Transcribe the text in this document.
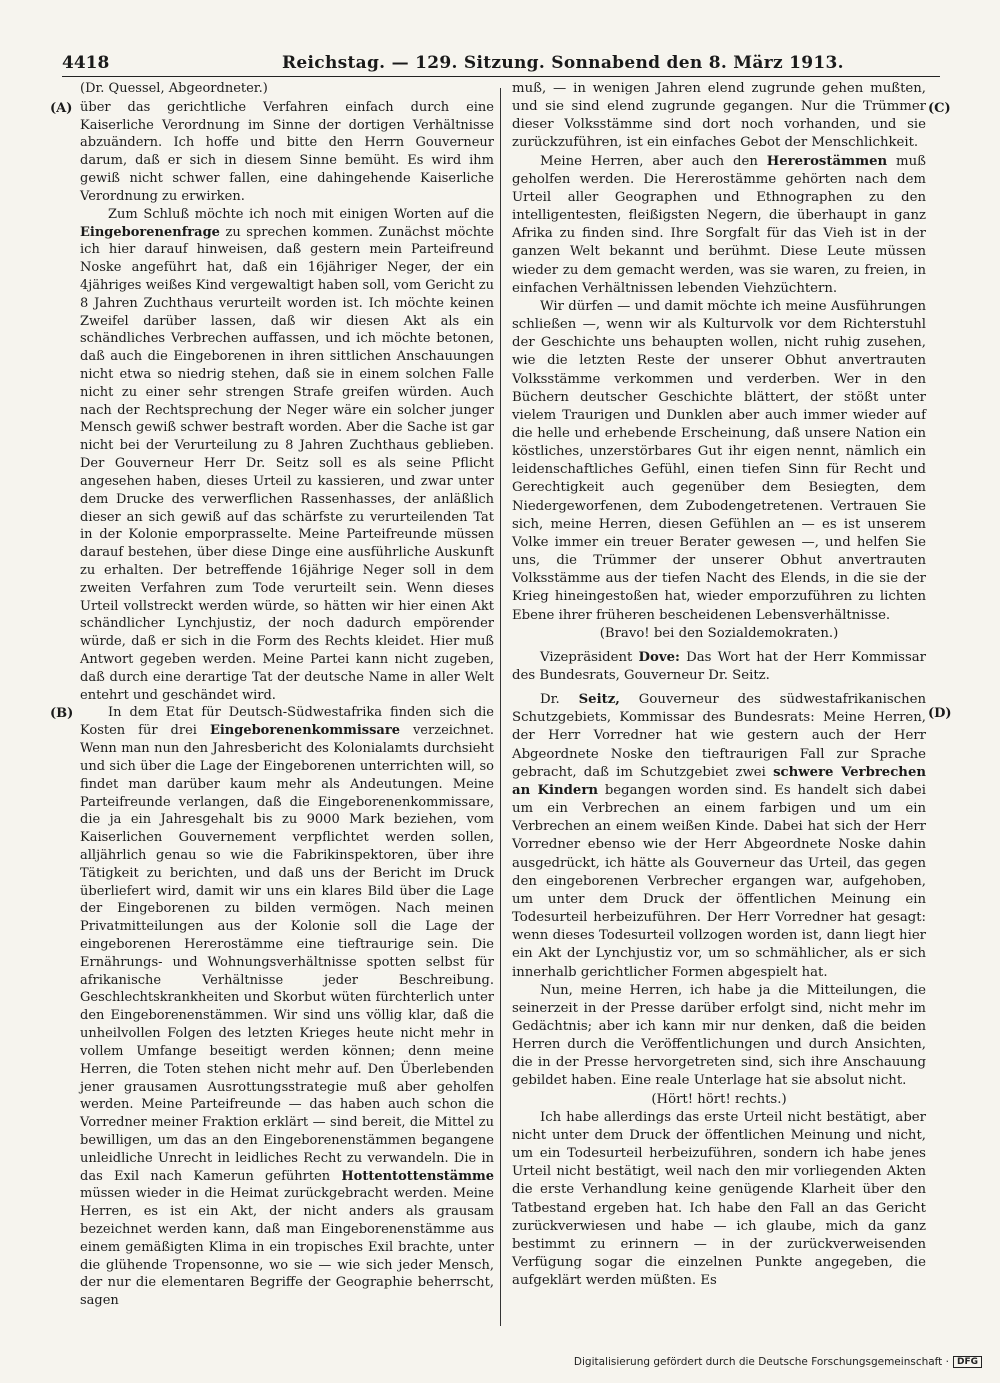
4418	Reichstag. — 129. Sitzung. Sonnabend den 8. März 1913.
(A)
(B)
(C)
(D)

(Dr. Quessel, Abgeordneter.)

über das gerichtliche Verfahren einfach durch eine Kaiserliche Verordnung im Sinne der dortigen Verhältnisse abzuändern. Ich hoffe und bitte den Herrn Gouverneur darum, daß er sich in diesem Sinne bemüht. Es wird ihm gewiß nicht schwer fallen, eine dahingehende Kaiserliche Verordnung zu erwirken.

Zum Schluß möchte ich noch mit einigen Worten auf die Eingeborenenfrage zu sprechen kommen. Zunächst möchte ich hier darauf hinweisen, daß gestern mein Parteifreund Noske angeführt hat, daß ein 16jähriger Neger, der ein 4jähriges weißes Kind vergewaltigt haben soll, vom Gericht zu 8 Jahren Zuchthaus verurteilt worden ist. Ich möchte keinen Zweifel darüber lassen, daß wir diesen Akt als ein schändliches Verbrechen auffassen, und ich möchte betonen, daß auch die Eingeborenen in ihren sittlichen Anschauungen nicht etwa so niedrig stehen, daß sie in einem solchen Falle nicht zu einer sehr strengen Strafe greifen würden. Auch nach der Rechtsprechung der Neger wäre ein solcher junger Mensch gewiß schwer bestraft worden. Aber die Sache ist gar nicht bei der Verurteilung zu 8 Jahren Zuchthaus geblieben. Der Gouverneur Herr Dr. Seitz soll es als seine Pflicht angesehen haben, dieses Urteil zu kassieren, und zwar unter dem Drucke des verwerflichen Rassenhasses, der anläßlich dieser an sich gewiß auf das schärfste zu verurteilenden Tat in der Kolonie emporprasselte. Meine Parteifreunde müssen darauf bestehen, über diese Dinge eine ausführliche Auskunft zu erhalten. Der betreffende 16jährige Neger soll in dem zweiten Verfahren zum Tode verurteilt sein. Wenn dieses Urteil vollstreckt werden würde, so hätten wir hier einen Akt schändlicher Lynchjustiz, der noch dadurch empörender würde, daß er sich in die Form des Rechts kleidet. Hier muß Antwort gegeben werden. Meine Partei kann nicht zugeben, daß durch eine derartige Tat der deutsche Name in aller Welt entehrt und geschändet wird.

In dem Etat für Deutsch-Südwestafrika finden sich die Kosten für drei Eingeborenenkommissare verzeichnet. Wenn man nun den Jahresbericht des Kolonialamts durchsieht und sich über die Lage der Eingeborenen unterrichten will, so findet man darüber kaum mehr als Andeutungen. Meine Parteifreunde verlangen, daß die Eingeborenenkommissare, die ja ein Jahresgehalt bis zu 9000 Mark beziehen, vom Kaiserlichen Gouvernement verpflichtet werden sollen, alljährlich genau so wie die Fabrikinspektoren, über ihre Tätigkeit zu berichten, und daß uns der Bericht im Druck überliefert wird, damit wir uns ein klares Bild über die Lage der Eingeborenen zu bilden vermögen. Nach meinen Privatmitteilungen aus der Kolonie soll die Lage der eingeborenen Hererostämme eine tieftraurige sein. Die Ernährungs- und Wohnungsverhältnisse spotten selbst für afrikanische Verhältnisse jeder Beschreibung. Geschlechtskrankheiten und Skorbut wüten fürchterlich unter den Eingeborenenstämmen. Wir sind uns völlig klar, daß die unheilvollen Folgen des letzten Krieges heute nicht mehr in vollem Umfange beseitigt werden können; denn meine Herren, die Toten stehen nicht mehr auf. Den Überlebenden jener grausamen Ausrottungsstrategie muß aber geholfen werden. Meine Parteifreunde — das haben auch schon die Vorredner meiner Fraktion erklärt — sind bereit, die Mittel zu bewilligen, um das an den Eingeborenenstämmen begangene unleidliche Unrecht in leidliches Recht zu verwandeln. Die in das Exil nach Kamerun geführten Hottentottenstämme müssen wieder in die Heimat zurückgebracht werden. Meine Herren, es ist ein Akt, der nicht anders als grausam bezeichnet werden kann, daß man Eingeborenenstämme aus einem gemäßigten Klima in ein tropisches Exil brachte, unter die glühende Tropensonne, wo sie — wie sich jeder Mensch, der nur die elementaren Begriffe der Geographie beherrscht, sagen

muß, — in wenigen Jahren elend zugrunde gehen mußten, und sie sind elend zugrunde gegangen. Nur die Trümmer dieser Volksstämme sind dort noch vorhanden, und sie zurückzuführen, ist ein einfaches Gebot der Menschlichkeit.

Meine Herren, aber auch den Hererostämmen muß geholfen werden. Die Hererostämme gehörten nach dem Urteil aller Geographen und Ethnographen zu den intelligentesten, fleißigsten Negern, die überhaupt in ganz Afrika zu finden sind. Ihre Sorgfalt für das Vieh ist in der ganzen Welt bekannt und berühmt. Diese Leute müssen wieder zu dem gemacht werden, was sie waren, zu freien, in einfachen Verhältnissen lebenden Viehzüchtern.

Wir dürfen — und damit möchte ich meine Ausführungen schließen —, wenn wir als Kulturvolk vor dem Richterstuhl der Geschichte uns behaupten wollen, nicht ruhig zusehen, wie die letzten Reste der unserer Obhut anvertrauten Volksstämme verkommen und verderben. Wer in den Büchern deutscher Geschichte blättert, der stößt unter vielem Traurigen und Dunklen aber auch immer wieder auf die helle und erhebende Erscheinung, daß unsere Nation ein köstliches, unzerstörbares Gut ihr eigen nennt, nämlich ein leidenschaftliches Gefühl, einen tiefen Sinn für Recht und Gerechtigkeit auch gegenüber dem Besiegten, dem Niedergeworfenen, dem Zubodengetretenen. Vertrauen Sie sich, meine Herren, diesen Gefühlen an — es ist unserem Volke immer ein treuer Berater gewesen —, und helfen Sie uns, die Trümmer der unserer Obhut anvertrauten Volksstämme aus der tiefen Nacht des Elends, in die sie der Krieg hineingestoßen hat, wieder emporzuführen zu lichten Ebene ihrer früheren bescheidenen Lebensverhältnisse.

(Bravo! bei den Sozialdemokraten.)

Vizepräsident Dove: Das Wort hat der Herr Kommissar des Bundesrats, Gouverneur Dr. Seitz.

Dr. Seitz, Gouverneur des südwestafrikanischen Schutzgebiets, Kommissar des Bundesrats: Meine Herren, der Herr Vorredner hat wie gestern auch der Herr Abgeordnete Noske den tieftraurigen Fall zur Sprache gebracht, daß im Schutzgebiet zwei schwere Verbrechen an Kindern begangen worden sind. Es handelt sich dabei um ein Verbrechen an einem farbigen und um ein Verbrechen an einem weißen Kinde. Dabei hat sich der Herr Vorredner ebenso wie der Herr Abgeordnete Noske dahin ausgedrückt, ich hätte als Gouverneur das Urteil, das gegen den eingeborenen Verbrecher ergangen war, aufgehoben, um unter dem Druck der öffentlichen Meinung ein Todesurteil herbeizuführen. Der Herr Vorredner hat gesagt: wenn dieses Todesurteil vollzogen worden ist, dann liegt hier ein Akt der Lynchjustiz vor, um so schmählicher, als er sich innerhalb gerichtlicher Formen abgespielt hat.

Nun, meine Herren, ich habe ja die Mitteilungen, die seinerzeit in der Presse darüber erfolgt sind, nicht mehr im Gedächtnis; aber ich kann mir nur denken, daß die beiden Herren durch die Veröffentlichungen und durch Ansichten, die in der Presse hervorgetreten sind, sich ihre Anschauung gebildet haben. Eine reale Unterlage hat sie absolut nicht.

(Hört! hört! rechts.)

Ich habe allerdings das erste Urteil nicht bestätigt, aber nicht unter dem Druck der öffentlichen Meinung und nicht, um ein Todesurteil herbeizuführen, sondern ich habe jenes Urteil nicht bestätigt, weil nach den mir vorliegenden Akten die erste Verhandlung keine genügende Klarheit über den Tatbestand ergeben hat. Ich habe den Fall an das Gericht zurückverwiesen und habe — ich glaube, mich da ganz bestimmt zu erinnern — in der zurückverweisenden Verfügung sogar die einzelnen Punkte angegeben, die aufgeklärt werden müßten. Es

Digitalisierung gefördert durch die Deutsche Forschungsgemeinschaft · DFG
